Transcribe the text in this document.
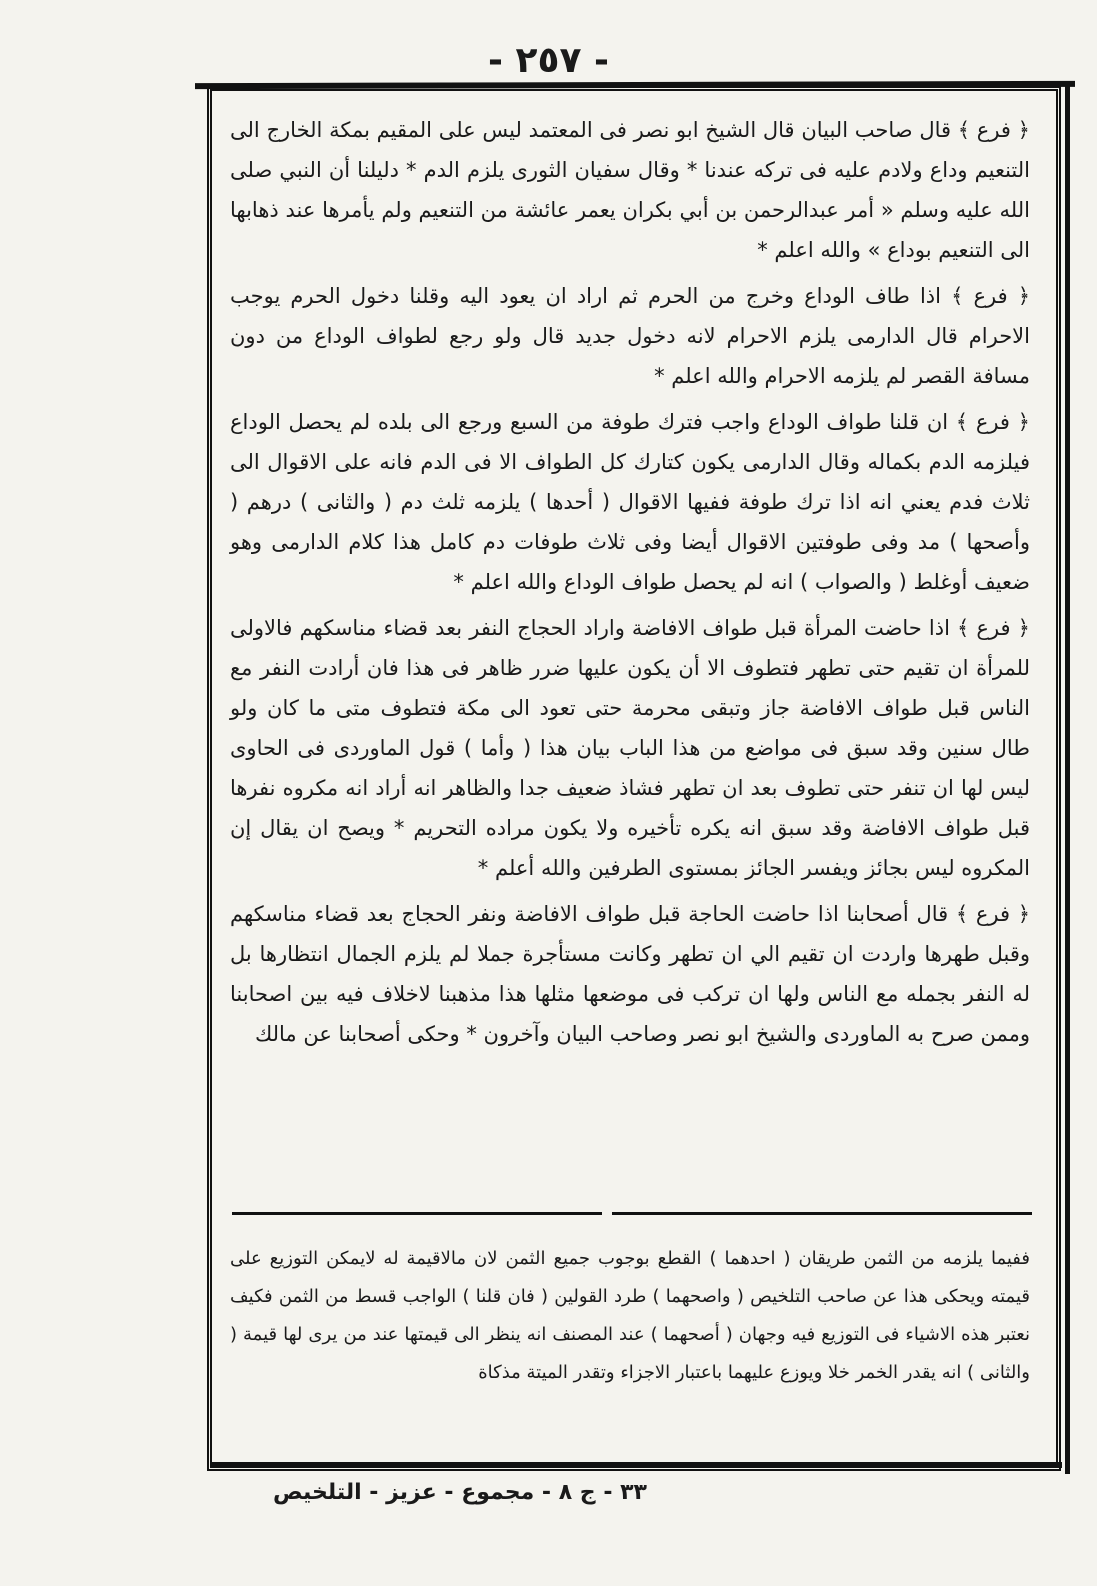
- ٢٥٧ -

﴿ فرع ﴾ قال صاحب البيان قال الشيخ ابو نصر فى المعتمد ليس على المقيم بمكة الخارج الى التنعيم وداع ولادم عليه فى تركه عندنا * وقال سفيان الثورى يلزم الدم * دليلنا أن النبي صلى الله عليه وسلم « أمر عبدالرحمن بن أبي بكران يعمر عائشة من التنعيم ولم يأمرها عند ذهابها الى التنعيم بوداع » والله اعلم *

﴿ فرع ﴾ اذا طاف الوداع وخرج من الحرم ثم اراد ان يعود اليه وقلنا دخول الحرم يوجب الاحرام قال الدارمى يلزم الاحرام لانه دخول جديد قال ولو رجع لطواف الوداع من دون مسافة القصر لم يلزمه الاحرام والله اعلم *

﴿ فرع ﴾ ان قلنا طواف الوداع واجب فترك طوفة من السبع ورجع الى بلده لم يحصل الوداع فيلزمه الدم بكماله وقال الدارمى يكون كتارك كل الطواف الا فى الدم فانه على الاقوال الى ثلاث فدم يعني انه اذا ترك طوفة ففيها الاقوال ( أحدها ) يلزمه ثلث دم ( والثانى ) درهم ( وأصحها ) مد وفى طوفتين الاقوال أيضا وفى ثلاث طوفات دم كامل هذا كلام الدارمى وهو ضعيف أوغلط ( والصواب ) انه لم يحصل طواف الوداع والله اعلم *

﴿ فرع ﴾ اذا حاضت المرأة قبل طواف الافاضة واراد الحجاج النفر بعد قضاء مناسكهم فالاولى للمرأة ان تقيم حتى تطهر فتطوف الا أن يكون عليها ضرر ظاهر فى هذا فان أرادت النفر مع الناس قبل طواف الافاضة جاز وتبقى محرمة حتى تعود الى مكة فتطوف متى ما كان ولو طال سنين وقد سبق فى مواضع من هذا الباب بيان هذا ( وأما ) قول الماوردى فى الحاوى ليس لها ان تنفر حتى تطوف بعد ان تطهر فشاذ ضعيف جدا والظاهر انه أراد انه مكروه نفرها قبل طواف الافاضة وقد سبق انه يكره تأخيره ولا يكون مراده التحريم * ويصح ان يقال إن المكروه ليس بجائز ويفسر الجائز بمستوى الطرفين والله أعلم *

﴿ فرع ﴾ قال أصحابنا اذا حاضت الحاجة قبل طواف الافاضة ونفر الحجاج بعد قضاء مناسكهم وقبل طهرها واردت ان تقيم الي ان تطهر وكانت مستأجرة جملا لم يلزم الجمال انتظارها بل له النفر بجمله مع الناس ولها ان تركب فى موضعها مثلها هذا مذهبنا لاخلاف فيه بين اصحابنا وممن صرح به الماوردى والشيخ ابو نصر وصاحب البيان وآخرون * وحكى أصحابنا عن مالك

ففيما يلزمه من الثمن طريقان ( احدهما ) القطع بوجوب جميع الثمن لان مالاقيمة له لايمكن التوزيع على قيمته ويحكى هذا عن صاحب التلخيص ( واصحهما ) طرد القولين ( فان قلنا ) الواجب قسط من الثمن فكيف نعتبر هذه الاشياء فى التوزيع فيه وجهان ( أصحهما ) عند المصنف انه ينظر الى قيمتها عند من يرى لها قيمة ( والثانى ) انه يقدر الخمر خلا ويوزع عليهما باعتبار الاجزاء وتقدر الميتة مذكاة
٣٣ - ج ٨ - مجموع - عزيز - التلخيص
